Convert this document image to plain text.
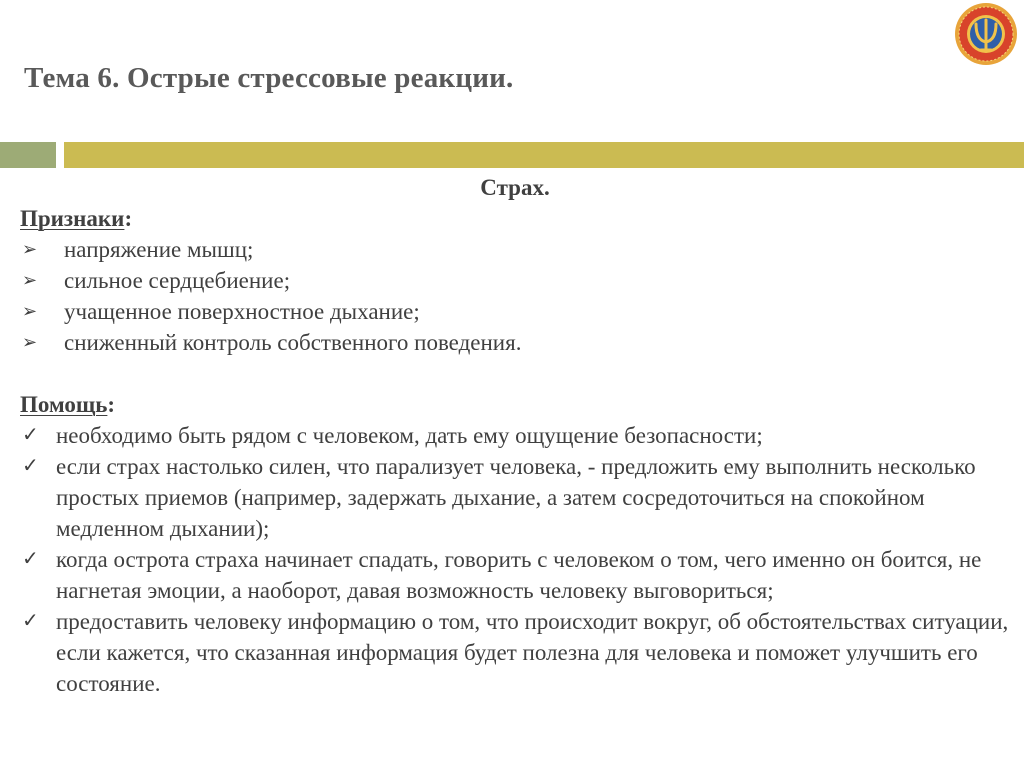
Тема 6. Острые стрессовые реакции.
Страх.
Признаки:
➢ напряжение мышц;
➢ сильное сердцебиение;
➢ учащенное поверхностное дыхание;
➢ сниженный контроль собственного поведения.
Помощь:
✓ необходимо быть рядом с человеком, дать ему ощущение безопасности;
✓ если страх настолько силен, что парализует человека, - предложить ему выполнить несколько простых приемов (например, задержать дыхание, а затем сосредоточиться на спокойном медленном дыхании);
✓ когда острота страха начинает спадать, говорить с человеком о том, чего именно он боится, не нагнетая эмоции, а наоборот, давая возможность человеку выговориться;
✓ предоставить человеку информацию о том, что происходит вокруг, об обстоятельствах ситуации, если кажется, что сказанная информация будет полезна для человека и поможет улучшить его состояние.
